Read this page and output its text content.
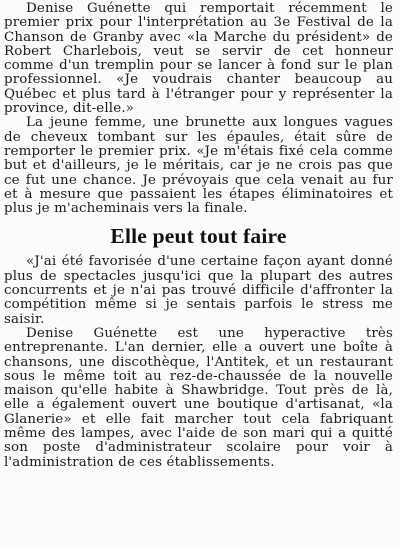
Denise Guénette qui remportait récemment le premier prix pour l'interprétation au 3e Festival de la Chanson de Granby avec «la Marche du président» de Robert Charlebois, veut se servir de cet honneur comme d'un tremplin pour se lancer à fond sur le plan professionnel. «Je voudrais chanter beaucoup au Québec et plus tard à l'étranger pour y représenter la province, dit-elle.»

La jeune femme, une brunette aux longues vagues de cheveux tombant sur les épaules, était sûre de remporter le premier prix. «Je m'étais fixé cela comme but et d'ailleurs, je le méritais, car je ne crois pas que ce fut une chance. Je prévoyais que cela venait au fur et à mesure que passaient les étapes éliminatoires et plus je m'acheminais vers la finale.

Elle peut tout faire

«J'ai été favorisée d'une certaine façon ayant donné plus de spectacles jusqu'ici que la plupart des autres concurrents et je n'ai pas trouvé difficile d'affronter la compétition même si je sentais parfois le stress me saisir.

Denise Guénette est une hyperactive très entreprenante. L'an dernier, elle a ouvert une boîte à chansons, une discothèque, l'Antitek, et un restaurant sous le même toit au rez-de-chaussée de la nouvelle maison qu'elle habite à Shawbridge. Tout près de là, elle a également ouvert une boutique d'artisanat, «la Glanerie» et elle fait marcher tout cela fabriquant même des lampes, avec l'aide de son mari qui a quitté son poste d'administrateur scolaire pour voir à l'administration de ces établissements.
